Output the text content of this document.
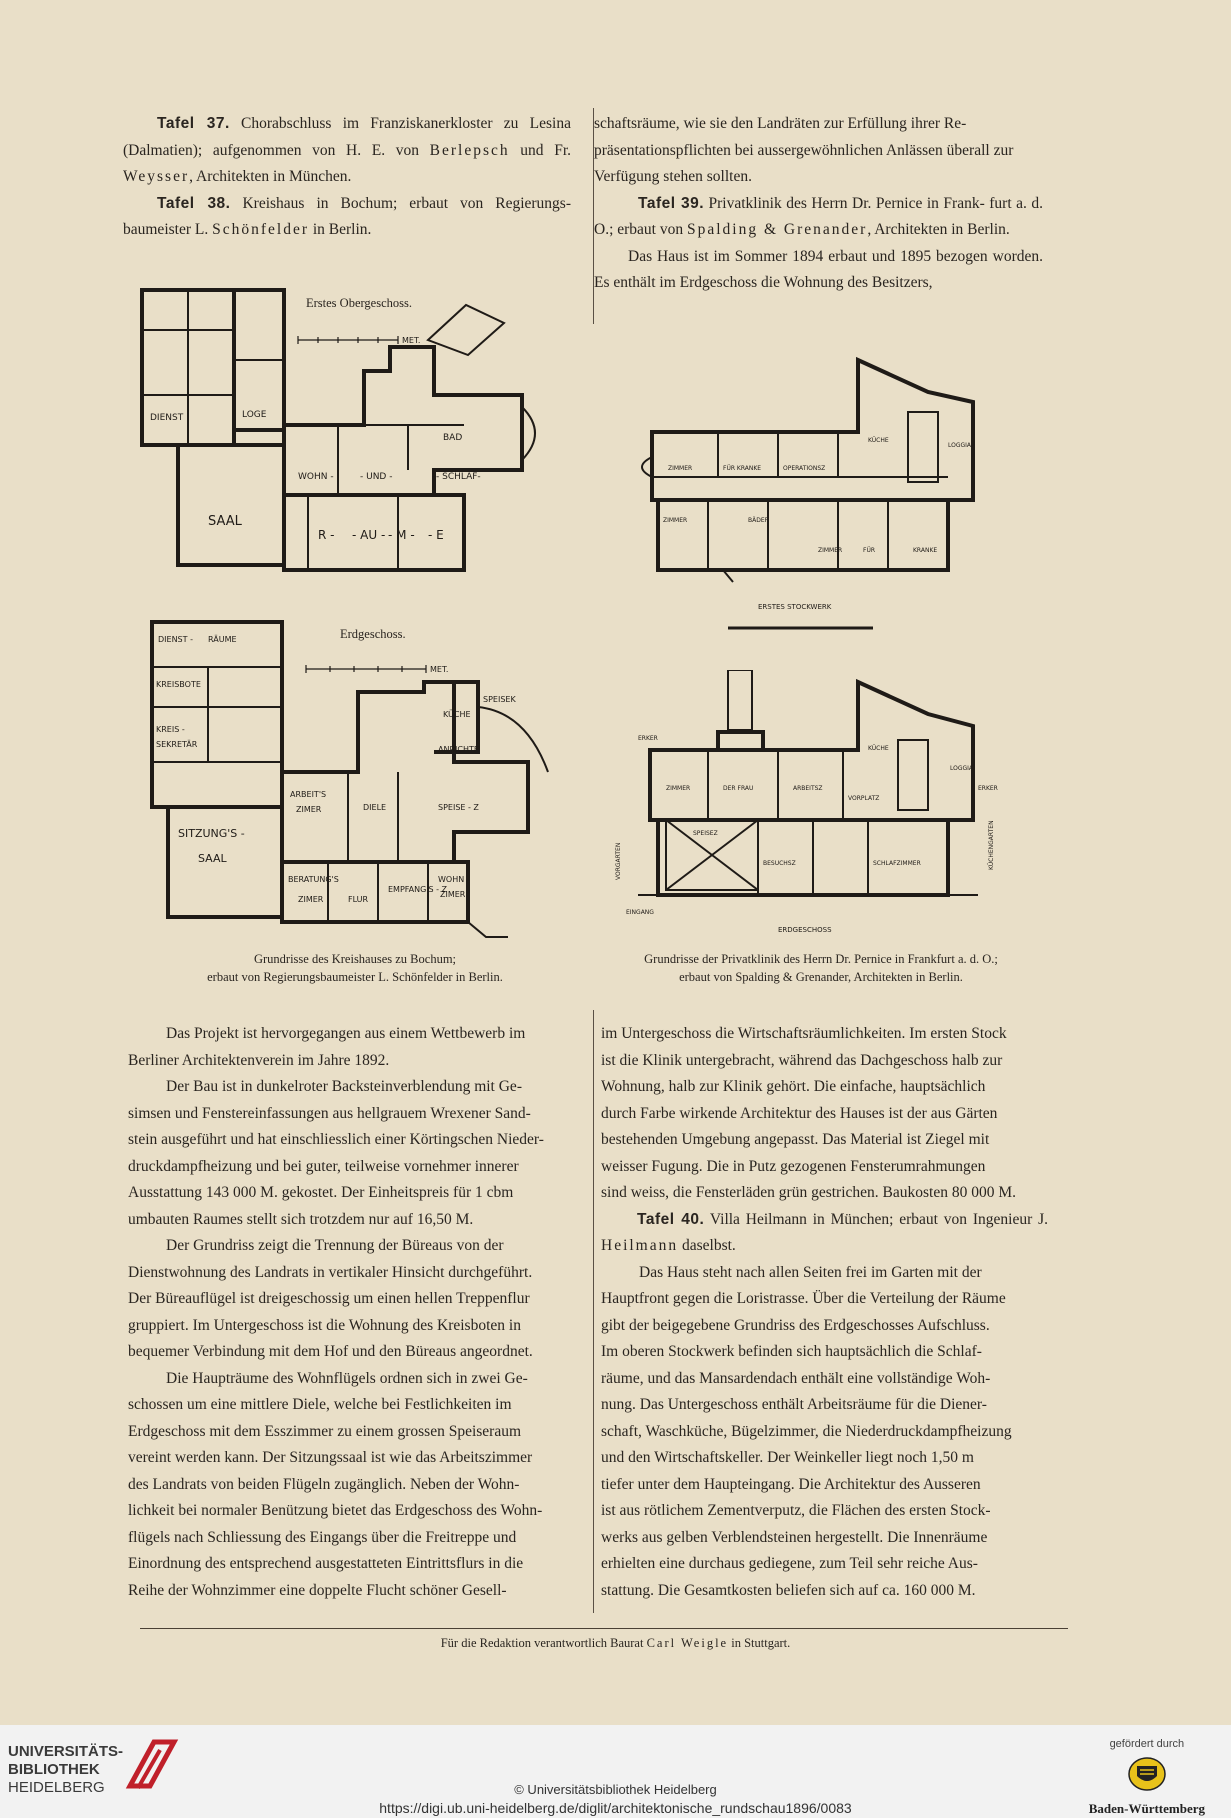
Tafel 37. Chorabschluss im Franziskanerkloster zu Lesina (Dalmatien); aufgenommen von H. E. von Berlepsch und Fr. Weysser, Architekten in München.

Tafel 38. Kreishaus in Bochum; erbaut von Regierungs- baumeister L. Schönfelder in Berlin.

schaftsräume, wie sie den Landräten zur Erfüllung ihrer Re-

präsentationspflichten bei aussergewöhnlichen Anlässen überall zur

Verfügung stehen sollten.

Tafel 39. Privatklinik des Herrn Dr. Pernice in Frank- furt a. d. O.; erbaut von Spalding & Grenander, Architekten in Berlin.

Das Haus ist im Sommer 1894 erbaut und 1895 bezogen worden. Es enthält im Erdgeschoss die Wohnung des Besitzers,

SAAL
WOHN -	- UND -	- SCHLAF-
R - - AU - - M - - E
BAD
DIENST	LOGE
MET.
Erstes Obergeschoss.
DIENST - RÄUME
KREISBOTE
KREIS -
SEKRETÄR
SITZUNG'S -
SAAL
ARBEIT'S
ZIMER	DIELE	SPEISE - Z
KÜCHE
SPEISEK
ANRICHTE
BERATUNG'S
ZIMER	FLUR
EMPFANG'S - Z
WOHN -
ZIMER
MET.
Erdgeschoss.
Grundrisse des Kreishauses zu Bochum;
erbaut von Regierungsbaumeister L. Schönfelder in Berlin.
ZIMMER	FÜR KRANKE	OPERATIONSZ
ZIMMER	FÜR	KRANKE
KÜCHE
LOGGIA
BÄDER
ZIMMER
ERSTES STOCKWERK
ZIMMER	DER FRAU	ARBEITSZ
SPEISEZ
BESUCHSZ	SCHLAFZIMMER
KÜCHE
LOGGIA
VORPLATZ
ERKER
ERDGESCHOSS
VORGARTEN	KÜCHENGARTEN
EINGANG
ERKER
Grundrisse der Privatklinik des Herrn Dr. Pernice in Frankfurt a. d. O.;
erbaut von Spalding & Grenander, Architekten in Berlin.

Das Projekt ist hervorgegangen aus einem Wettbewerb im

Berliner Architektenverein im Jahre 1892.

Der Bau ist in dunkelroter Backsteinverblendung mit Ge-

simsen und Fenstereinfassungen aus hellgrauem Wrexener Sand-

stein ausgeführt und hat einschliesslich einer Körtingschen Nieder-

druckdampfheizung und bei guter, teilweise vornehmer innerer

Ausstattung 143 000 M. gekostet. Der Einheitspreis für 1 cbm

umbauten Raumes stellt sich trotzdem nur auf 16,50 M.

Der Grundriss zeigt die Trennung der Büreaus von der

Dienstwohnung des Landrats in vertikaler Hinsicht durchgeführt.

Der Büreauflügel ist dreigeschossig um einen hellen Treppenflur

gruppiert. Im Untergeschoss ist die Wohnung des Kreisboten in

bequemer Verbindung mit dem Hof und den Büreaus angeordnet.

Die Haupträume des Wohnflügels ordnen sich in zwei Ge-

schossen um eine mittlere Diele, welche bei Festlichkeiten im

Erdgeschoss mit dem Esszimmer zu einem grossen Speiseraum

vereint werden kann. Der Sitzungssaal ist wie das Arbeitszimmer

des Landrats von beiden Flügeln zugänglich. Neben der Wohn-

lichkeit bei normaler Benützung bietet das Erdgeschoss des Wohn-

flügels nach Schliessung des Eingangs über die Freitreppe und

Einordnung des entsprechend ausgestatteten Eintrittsflurs in die

Reihe der Wohnzimmer eine doppelte Flucht schöner Gesell-

im Untergeschoss die Wirtschaftsräumlichkeiten. Im ersten Stock

ist die Klinik untergebracht, während das Dachgeschoss halb zur

Wohnung, halb zur Klinik gehört. Die einfache, hauptsächlich

durch Farbe wirkende Architektur des Hauses ist der aus Gärten

bestehenden Umgebung angepasst. Das Material ist Ziegel mit

weisser Fugung. Die in Putz gezogenen Fensterumrahmungen

sind weiss, die Fensterläden grün gestrichen. Baukosten 80 000 M.

Tafel 40. Villa Heilmann in München; erbaut von Ingenieur J. Heilmann daselbst.

Das Haus steht nach allen Seiten frei im Garten mit der

Hauptfront gegen die Loristrasse. Über die Verteilung der Räume

gibt der beigegebene Grundriss des Erdgeschosses Aufschluss.

Im oberen Stockwerk befinden sich hauptsächlich die Schlaf-

räume, und das Mansardendach enthält eine vollständige Woh-

nung. Das Untergeschoss enthält Arbeitsräume für die Diener-

schaft, Waschküche, Bügelzimmer, die Niederdruckdampfheizung

und den Wirtschaftskeller. Der Weinkeller liegt noch 1,50 m

tiefer unter dem Haupteingang. Die Architektur des Ausseren

ist aus rötlichem Zementverputz, die Flächen des ersten Stock-

werks aus gelben Verblendsteinen hergestellt. Die Innenräume

erhielten eine durchaus gediegene, zum Teil sehr reiche Aus-

stattung. Die Gesamtkosten beliefen sich auf ca. 160 000 M.

Für die Redaktion verantwortlich Baurat Carl Weigle in Stuttgart.
UNIVERSITÄTS-
BIBLIOTHEK
HEIDELBERG	© Universitätsbibliothek Heidelberg
https://digi.ub.uni-heidelberg.de/diglit/architektonische_rundschau1896/0083
gefördert durch
Baden-Württemberg
